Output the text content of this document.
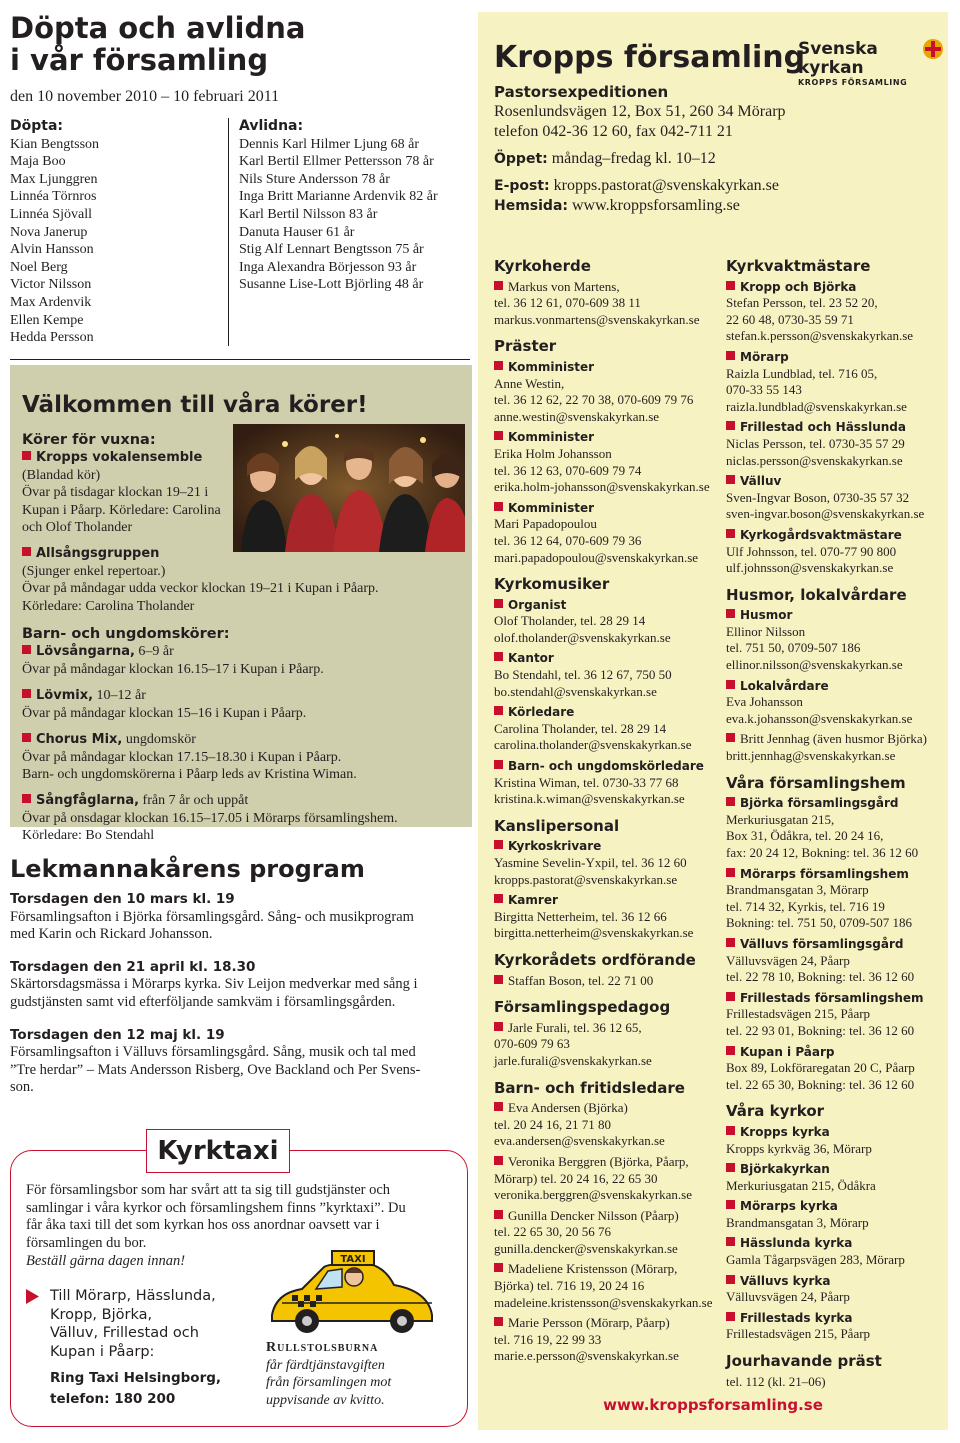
Döpta och avlidna
i vår församling
den 10 november 2010 – 10 februari 2011
Döpta:
Kian Bengtsson
Maja Boo
Max Ljunggren
Linnéa Törnros
Linnéa Sjövall
Nova Janerup
Alvin Hansson
Noel Berg
Victor Nilsson
Max Ardenvik
Ellen Kempe
Hedda Persson
Avlidna:
Dennis Karl Hilmer Ljung 68 år
Karl Bertil Ellmer Pettersson 78 år
Nils Sture Andersson 78 år
Inga Britt Marianne Ardenvik 82 år
Karl Bertil Nilsson 83 år
Danuta Hauser 61 år
Stig Alf Lennart Bengtsson 75 år
Inga Alexandra Börjesson 93 år
Susanne Lise-Lott Björling 48 år
Välkommen till våra körer!
Körer för vuxna:
Kropps vokalensemble
(Blandad kör)
Övar på tisdagar klockan 19–21 i
Kupan i Påarp. Körledare: Carolina
och Olof Tholander
Allsångsgruppen
(Sjunger enkel repertoar.)
Övar på måndagar udda veckor klockan 19–21 i Kupan i Påarp.
Körledare: Carolina Tholander
Barn- och ungdomskörer:
Lövsångarna, 6–9 år
Övar på måndagar klockan 16.15–17 i Kupan i Påarp.
Lövmix, 10–12 år
Övar på måndagar klockan 15–16 i Kupan i Påarp.
Chorus Mix, ungdomskör
Övar på måndagar klockan 17.15–18.30 i Kupan i Påarp.
Barn- och ungdomskörerna i Påarp leds av Kristina Wiman.
Sångfåglarna, från 7 år och uppåt
Övar på onsdagar klockan 16.15–17.05 i Mörarps församlingshem.
Körledare: Bo Stendahl
Lekmannakårens program
Torsdagen den 10 mars kl. 19
Församlingsafton i Björka församlingsgård. Sång- och musikprogram
med Karin och Rickard Johansson.
Torsdagen den 21 april kl. 18.30
Skärtorsdagsmässa i Mörarps kyrka. Siv Leijon medverkar med sång i
gudstjänsten samt vid efterföljande samkväm i församlingsgården.
Torsdagen den 12 maj kl. 19
Församlingsafton i Välluvs församlingsgård. Sång, musik och tal med
”Tre herdar” – Mats Andersson Risberg, Ove Backland och Per Svens-
son.
Kyrktaxi
För församlingsbor som har svårt att ta sig till gudstjänster och
samlingar i våra kyrkor och församlingshem finns ”kyrktaxi”. Du
får åka taxi till det som kyrkan hos oss anordnar oavsett var i
församlingen du bor.
Beställ gärna dagen innan!
Till Mörarp, Hässlunda,
Kropp, Björka,
Välluv, Frillestad och
Kupan i Påarp:
Ring Taxi Helsingborg,
telefon: 180 200
TAXI
Rullstolsburna
får färdtjänstavgiften
från församlingen mot
uppvisande av kvitto.
Kropps församling
Svenska kyrkan
KROPPS FÖRSAMLING
Pastorsexpeditionen
Rosenlundsvägen 12, Box 51, 260 34 Mörarp
telefon 042-36 12 60, fax 042-711 21
Öppet: måndag–fredag kl. 10–12
E-post: kropps.pastorat@svenskakyrkan.se
Hemsida: www.kroppsforsamling.se
Kyrkoherde
Markus von Martens,
tel. 36 12 61, 070-609 38 11
markus.vonmartens@svenskakyrkan.se
Präster
Komminister
Anne Westin,
tel. 36 12 62, 22 70 38, 070-609 79 76
anne.westin@svenskakyrkan.se
Komminister
Erika Holm Johansson
tel. 36 12 63, 070-609 79 74
erika.holm-johansson@svenskakyrkan.se
Komminister
Mari Papadopoulou
tel. 36 12 64, 070-609 79 36
mari.papadopoulou@svenskakyrkan.se
Kyrkomusiker
Organist
Olof Tholander, tel. 28 29 14
olof.tholander@svenskakyrkan.se
Kantor
Bo Stendahl, tel. 36 12 67, 750 50
bo.stendahl@svenskakyrkan.se
Körledare
Carolina Tholander, tel. 28 29 14
carolina.tholander@svenskakyrkan.se
Barn- och ungdomskörledare
Kristina Wiman, tel. 0730-33 77 68
kristina.k.wiman@svenskakyrkan.se
Kanslipersonal
Kyrkoskrivare
Yasmine Sevelin-Yxpil, tel. 36 12 60
kropps.pastorat@svenskakyrkan.se
Kamrer
Birgitta Netterheim, tel. 36 12 66
birgitta.netterheim@svenskakyrkan.se
Kyrkorådets ordförande
Staffan Boson, tel. 22 71 00
Församlingspedagog
Jarle Furali, tel. 36 12 65,
070-609 79 63
jarle.furali@svenskakyrkan.se
Barn- och fritidsledare
Eva Andersen (Björka)
tel. 20 24 16, 21 71 80
eva.andersen@svenskakyrkan.se
Veronika Berggren (Björka, Påarp,
Mörarp) tel. 20 24 16, 22 65 30
veronika.berggren@svenskakyrkan.se
Gunilla Dencker Nilsson (Påarp)
tel. 22 65 30, 20 56 76
gunilla.dencker@svenskakyrkan.se
Madeliene Kristensson (Mörarp,
Björka) tel. 716 19, 20 24 16
madeleine.kristensson@svenskakyrkan.se
Marie Persson (Mörarp, Påarp)
tel. 716 19, 22 99 33
marie.e.persson@svenskakyrkan.se
Kyrkvaktmästare
Kropp och Björka
Stefan Persson, tel. 23 52 20,
22 60 48, 0730-35 59 71
stefan.k.persson@svenskakyrkan.se
Mörarp
Raizla Lundblad, tel. 716 05,
070-33 55 143
raizla.lundblad@svenskakyrkan.se
Frillestad och Hässlunda
Niclas Persson, tel. 0730-35 57 29
niclas.persson@svenskakyrkan.se
Välluv
Sven-Ingvar Boson, 0730-35 57 32
sven-ingvar.boson@svenskakyrkan.se
Kyrkogårdsvaktmästare
Ulf Johnsson, tel. 070-77 90 800
ulf.johnsson@svenskakyrkan.se
Husmor, lokalvårdare
Husmor
Ellinor Nilsson
tel. 751 50, 0709-507 186
ellinor.nilsson@svenskakyrkan.se
Lokalvårdare
Eva Johansson
eva.k.johansson@svenskakyrkan.se
Britt Jennhag (även husmor Björka)
britt.jennhag@svenskakyrkan.se
Våra församlingshem
Björka församlingsgård
Merkuriusgatan 215,
Box 31, Ödåkra, tel. 20 24 16,
fax: 20 24 12, Bokning: tel. 36 12 60
Mörarps församlingshem
Brandmansgatan 3, Mörarp
tel. 714 32, Kyrkis, tel. 716 19
Bokning: tel. 751 50, 0709-507 186
Välluvs församlingsgård
Välluvsvägen 24, Påarp
tel. 22 78 10, Bokning: tel. 36 12 60
Frillestads församlingshem
Frillestadsvägen 215, Påarp
tel. 22 93 01, Bokning: tel. 36 12 60
Kupan i Påarp
Box 89, Lokföraregatan 20 C, Påarp
tel. 22 65 30, Bokning: tel. 36 12 60
Våra kyrkor
Kropps kyrka
Kropps kyrkväg 36, Mörarp
Björkakyrkan
Merkuriusgatan 215, Ödåkra
Mörarps kyrka
Brandmansgatan 3, Mörarp
Hässlunda kyrka
Gamla Tågarpsvägen 283, Mörarp
Välluvs kyrka
Välluvsvägen 24, Påarp
Frillestads kyrka
Frillestadsvägen 215, Påarp
Jourhavande präst
tel. 112 (kl. 21–06)
www.kroppsforsamling.se
